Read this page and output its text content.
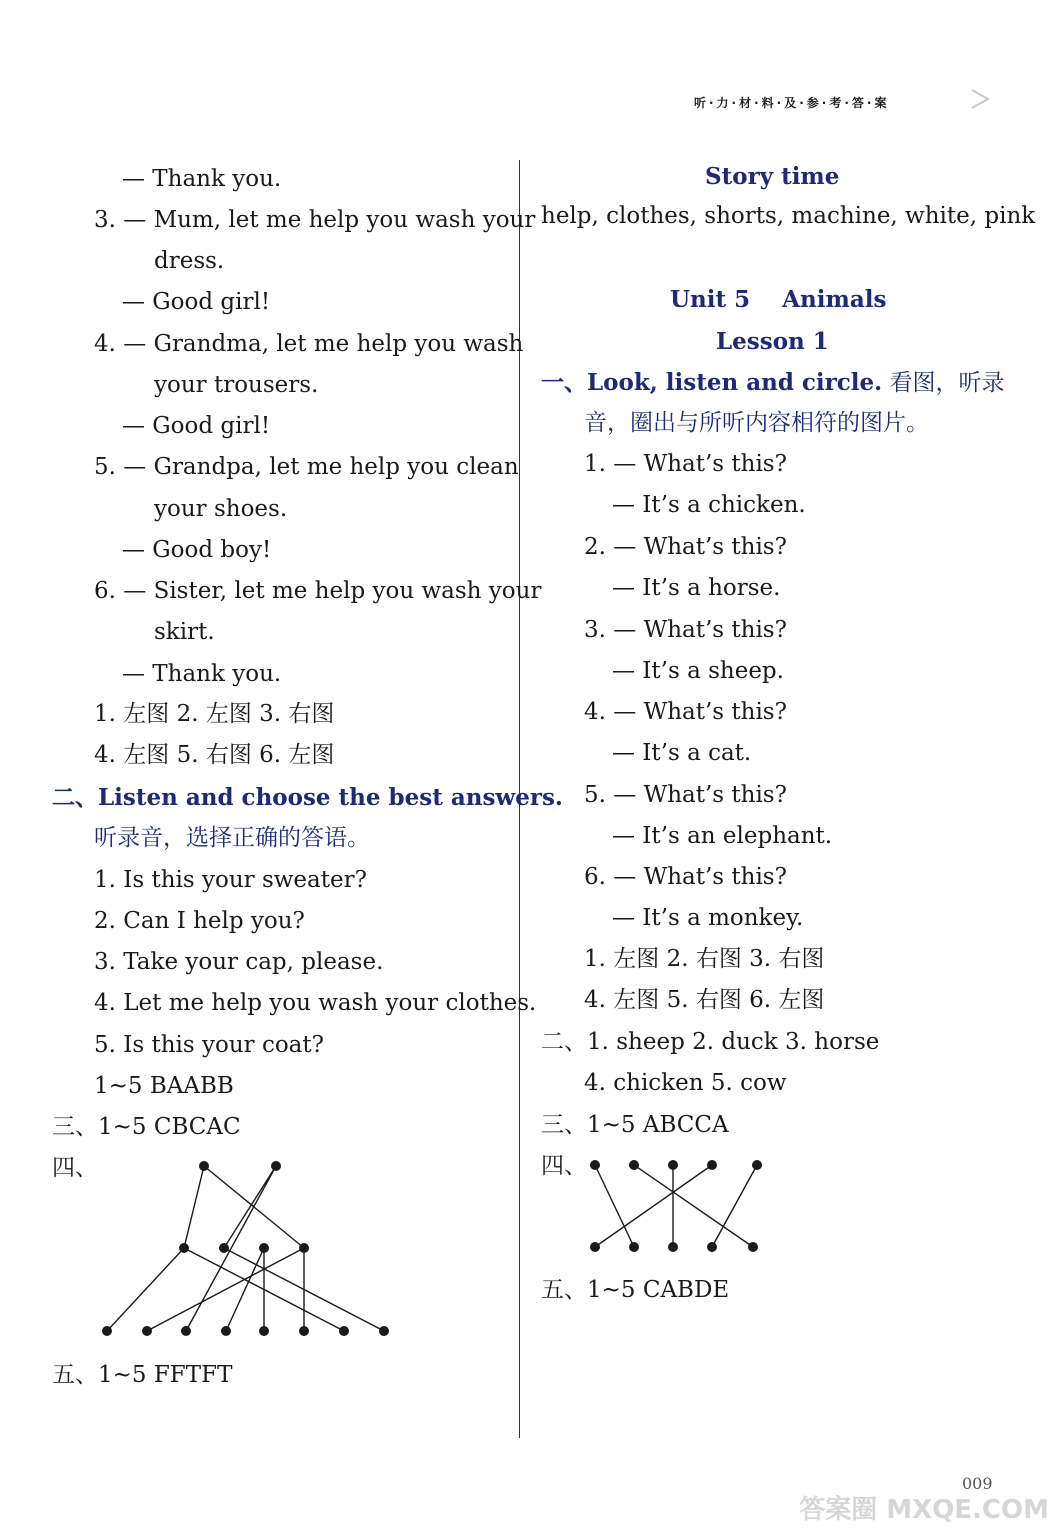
听·力·材·料·及·参·考·答·案
— Thank you.
3. — Mum, let me help you wash your
dress.
— Good girl!
4. — Grandma, let me help you wash
your trousers.
— Good girl!
5. — Grandpa, let me help you clean
your shoes.
— Good boy!
6. — Sister, let me help you wash your
skirt.
— Thank you.
1. 左图 2. 左图 3. 右图
4. 左图 5. 右图 6. 左图
二、Listen and choose the best answers.
听录音，选择正确的答语。
1. Is this your sweater?
2. Can I help you?
3. Take your cap, please.
4. Let me help you wash your clothes.
5. Is this your coat?
1~5 BAABB
三、1~5 CBCAC
四、
五、1~5 FFTFT
Story time
help, clothes, shorts, machine, white, pink
Unit 5    Animals
Lesson 1
一、Look, listen and circle. 看图，听录
音，圈出与所听内容相符的图片。
1. — What’s this?
— It’s a chicken.
2. — What’s this?
— It’s a horse.
3. — What’s this?
— It’s a sheep.
4. — What’s this?
— It’s a cat.
5. — What’s this?
— It’s an elephant.
6. — What’s this?
— It’s a monkey.
1. 左图 2. 右图 3. 右图
4. 左图 5. 右图 6. 左图
二、1. sheep 2. duck 3. horse
4. chicken 5. cow
三、1~5 ABCCA
四、
五、1~5 CABDE
009
答案圈 MXQE.COM
